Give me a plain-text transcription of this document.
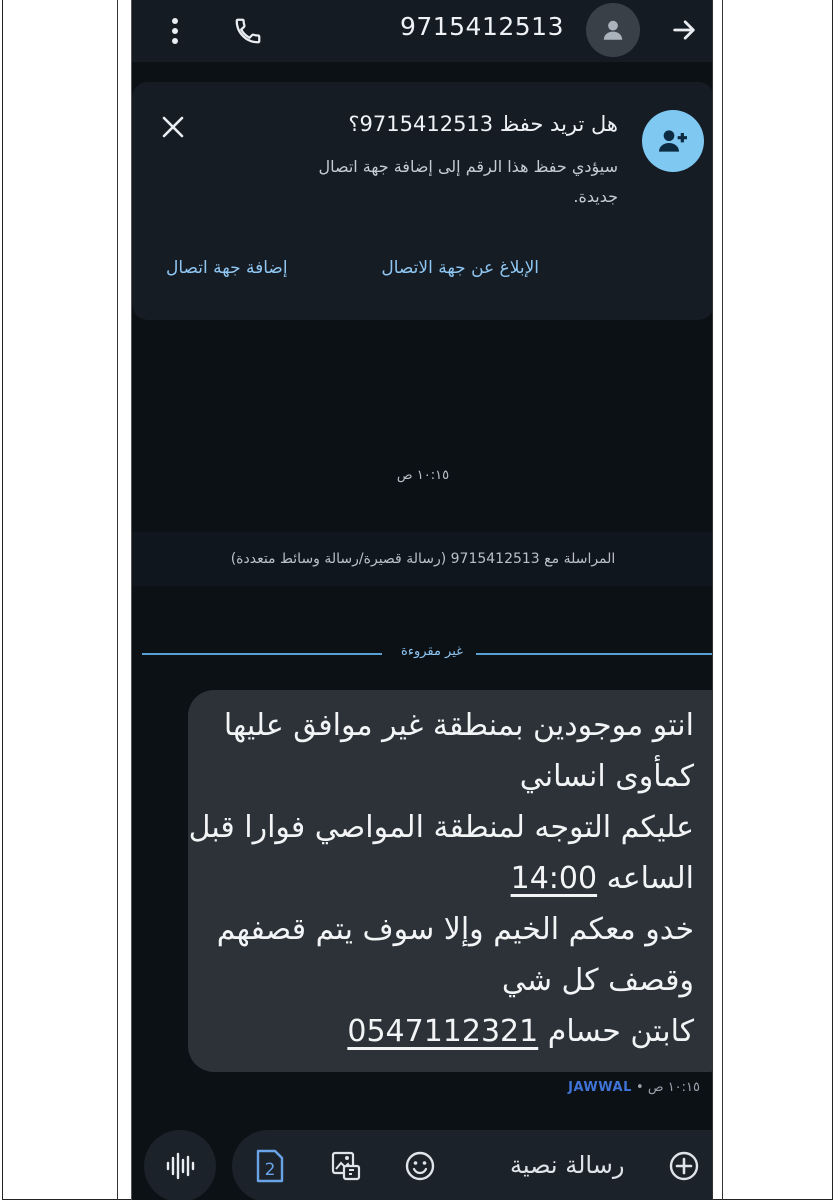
9715412513
هل تريد حفظ 9715412513؟
سيؤدي حفظ هذا الرقم إلى إضافة جهة اتصال جديدة.
الإبلاغ عن جهة الاتصال
إضافة جهة اتصال
١٠:١٥ ص
المراسلة مع 9715412513 (رسالة قصيرة/رسالة وسائط متعددة)
غير مقروءة
انتو موجودين بمنطقة غير موافق عليها
كمأوى انساني
عليكم التوجه لمنطقة المواصي فوارا قبل
الساعه 14:00
خدو معكم الخيم وإلا سوف يتم قصفهم
وقصف كل شي
كابتن حسام 0547112321
١٠:١٥ ص • JAWWAL
2	رسالة نصية
